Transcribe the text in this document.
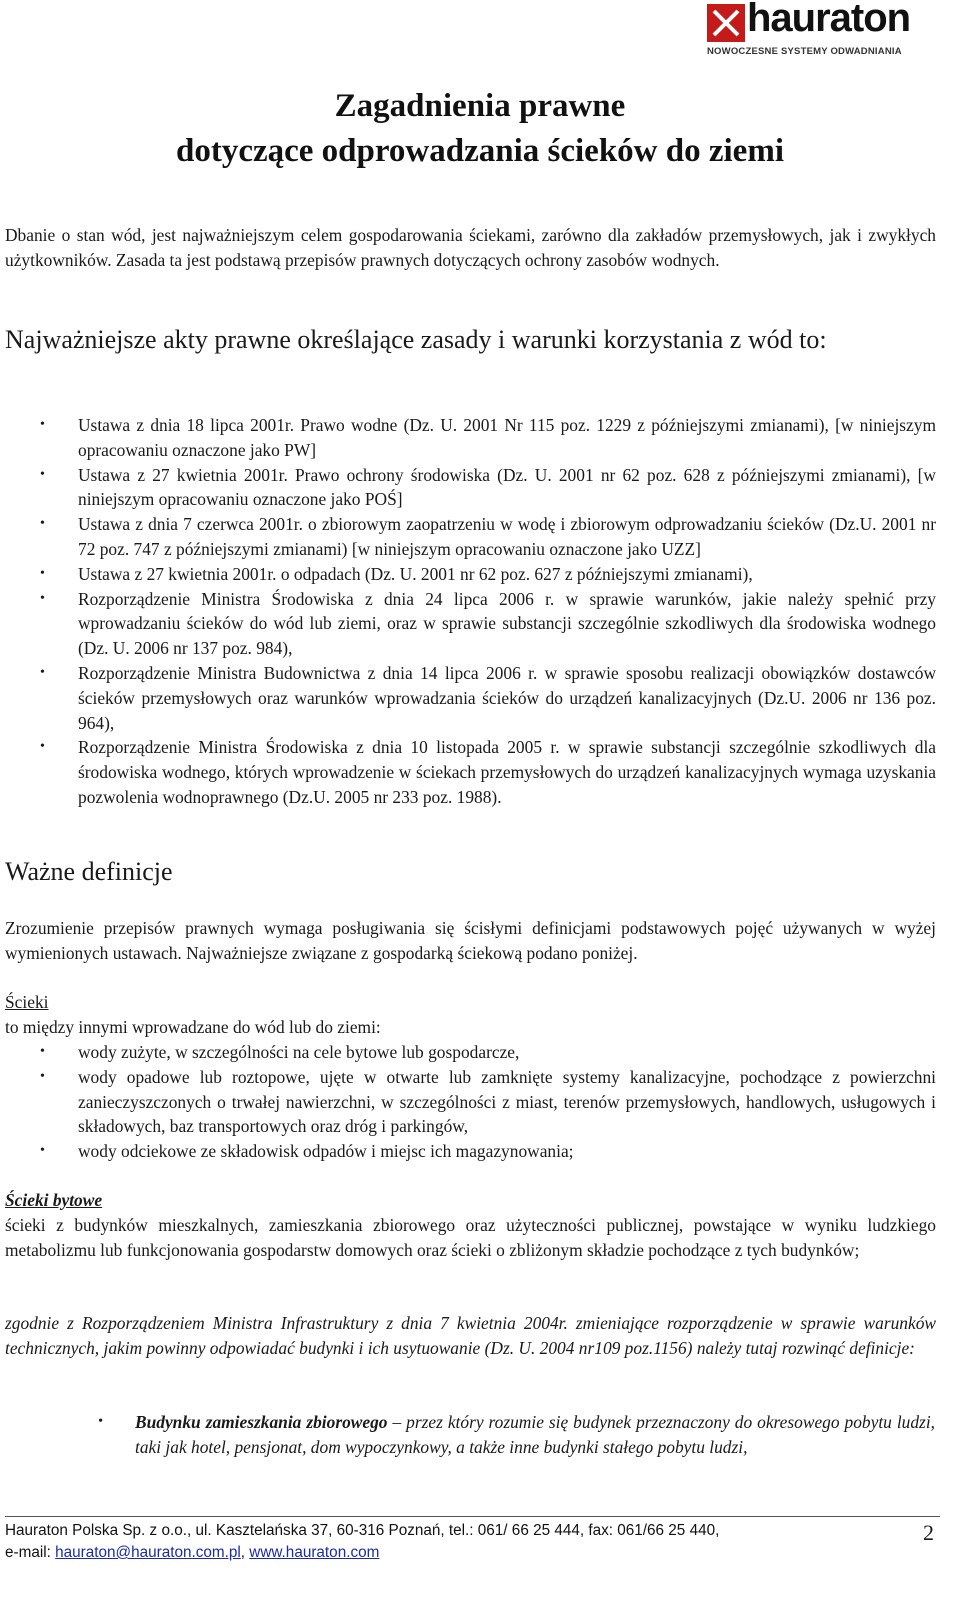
hauraton
NOWOCZESNE SYSTEMY ODWADNIANIA
Zagadnienia prawne
dotyczące odprowadzania ścieków do ziemi

Dbanie o stan wód, jest najważniejszym celem gospodarowania ściekami, zarówno dla zakładów przemysłowych, jak i zwykłych użytkowników. Zasada ta jest podstawą przepisów prawnych dotyczących ochrony zasobów wodnych.

Najważniejsze akty prawne określające zasady i warunki korzystania z wód to:
• Ustawa z dnia 18 lipca 2001r. Prawo wodne (Dz. U. 2001 Nr 115 poz. 1229 z późniejszymi zmianami), [w niniejszym opracowaniu oznaczone jako PW]
• Ustawa z 27 kwietnia 2001r. Prawo ochrony środowiska (Dz. U. 2001 nr 62 poz. 628 z późniejszymi zmianami), [w niniejszym opracowaniu oznaczone jako POŚ]
• Ustawa z dnia 7 czerwca 2001r. o zbiorowym zaopatrzeniu w wodę i zbiorowym odprowadzaniu ścieków (Dz.U. 2001 nr 72 poz. 747 z późniejszymi zmianami) [w niniejszym opracowaniu oznaczone jako UZZ]
• Ustawa z 27 kwietnia 2001r. o odpadach (Dz. U. 2001 nr 62 poz. 627 z późniejszymi zmianami),
• Rozporządzenie Ministra Środowiska z dnia 24 lipca 2006 r. w sprawie warunków, jakie należy spełnić przy wprowadzaniu ścieków do wód lub ziemi, oraz w sprawie substancji szczególnie szkodliwych dla środowiska wodnego (Dz. U. 2006 nr 137 poz. 984),
• Rozporządzenie Ministra Budownictwa z dnia 14 lipca 2006 r. w sprawie sposobu realizacji obowiązków dostawców ścieków przemysłowych oraz warunków wprowadzania ścieków do urządzeń kanalizacyjnych (Dz.U. 2006 nr 136 poz. 964),
• Rozporządzenie Ministra Środowiska z dnia 10 listopada 2005 r. w sprawie substancji szczególnie szkodliwych dla środowiska wodnego, których wprowadzenie w ściekach przemysłowych do urządzeń kanalizacyjnych wymaga uzyskania pozwolenia wodnoprawnego (Dz.U. 2005 nr 233 poz. 1988).
Ważne definicje

Zrozumienie przepisów prawnych wymaga posługiwania się ścisłymi definicjami podstawowych pojęć używanych w wyżej wymienionych ustawach. Najważniejsze związane z gospodarką ściekową podano poniżej.

Ścieki

to między innymi wprowadzane do wód lub do ziemi:

• wody zużyte, w szczególności na cele bytowe lub gospodarcze,
• wody opadowe lub roztopowe, ujęte w otwarte lub zamknięte systemy kanalizacyjne, pochodzące z powierzchni zanieczyszczonych o trwałej nawierzchni, w szczególności z miast, terenów przemysłowych, handlowych, usługowych i składowych, baz transportowych oraz dróg i parkingów,
• wody odciekowe ze składowisk odpadów i miejsc ich magazynowania;

Ścieki bytowe

ścieki z budynków mieszkalnych, zamieszkania zbiorowego oraz użyteczności publicznej, powstające w wyniku ludzkiego metabolizmu lub funkcjonowania gospodarstw domowych oraz ścieki o zbliżonym składzie pochodzące z tych budynków;

zgodnie z Rozporządzeniem Ministra Infrastruktury z dnia 7 kwietnia 2004r. zmieniające rozporządzenie w sprawie warunków technicznych, jakim powinny odpowiadać budynki i ich usytuowanie (Dz. U. 2004 nr109 poz.1156) należy tutaj rozwinąć definicje:

• Budynku zamieszkania zbiorowego – przez który rozumie się budynek przeznaczony do okresowego pobytu ludzi, taki jak hotel, pensjonat, dom wypoczynkowy, a także inne budynki stałego pobytu ludzi,
Hauraton Polska Sp. z o.o., ul. Kasztelańska 37, 60-316 Poznań, tel.: 061/ 66 25 444, fax: 061/66 25 440,
e-mail: hauraton@hauraton.com.pl, www.hauraton.com
2
